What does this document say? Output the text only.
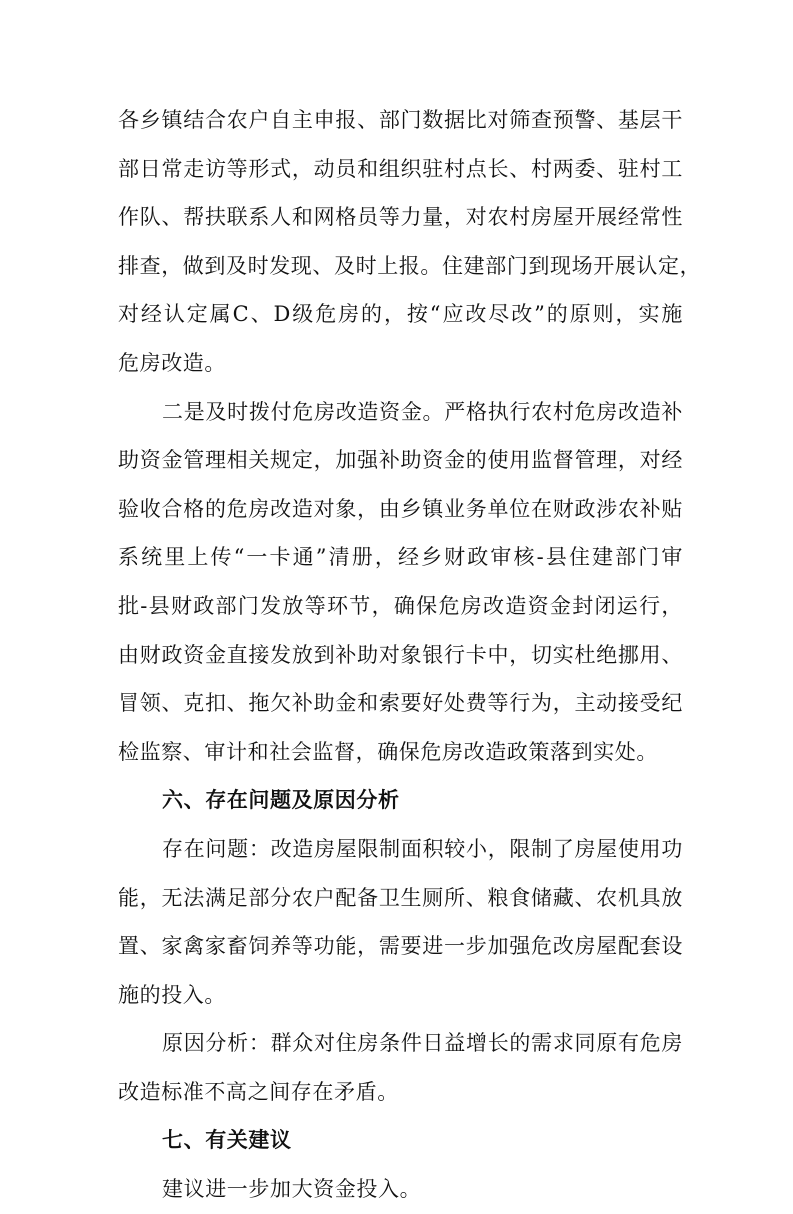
各乡镇结合农户自主申报、部门数据比对筛查预警、基层干
部日常走访等形式，动员和组织驻村点长、村两委、驻村工
作队、帮扶联系人和网格员等力量，对农村房屋开展经常性
排查，做到及时发现、及时上报。住建部门到现场开展认定，
对经认定属C、D级危房的，按“应改尽改”的原则，实施
危房改造。
二是及时拨付危房改造资金。严格执行农村危房改造补
助资金管理相关规定，加强补助资金的使用监督管理，对经
验收合格的危房改造对象，由乡镇业务单位在财政涉农补贴
系统里上传“一卡通”清册，经乡财政审核-县住建部门审
批-县财政部门发放等环节，确保危房改造资金封闭运行，
由财政资金直接发放到补助对象银行卡中，切实杜绝挪用、
冒领、克扣、拖欠补助金和索要好处费等行为，主动接受纪
检监察、审计和社会监督，确保危房改造政策落到实处。
六、存在问题及原因分析
存在问题：改造房屋限制面积较小，限制了房屋使用功
能，无法满足部分农户配备卫生厕所、粮食储藏、农机具放
置、家禽家畜饲养等功能，需要进一步加强危改房屋配套设
施的投入。
原因分析：群众对住房条件日益增长的需求同原有危房
改造标准不高之间存在矛盾。
七、有关建议
建议进一步加大资金投入。
